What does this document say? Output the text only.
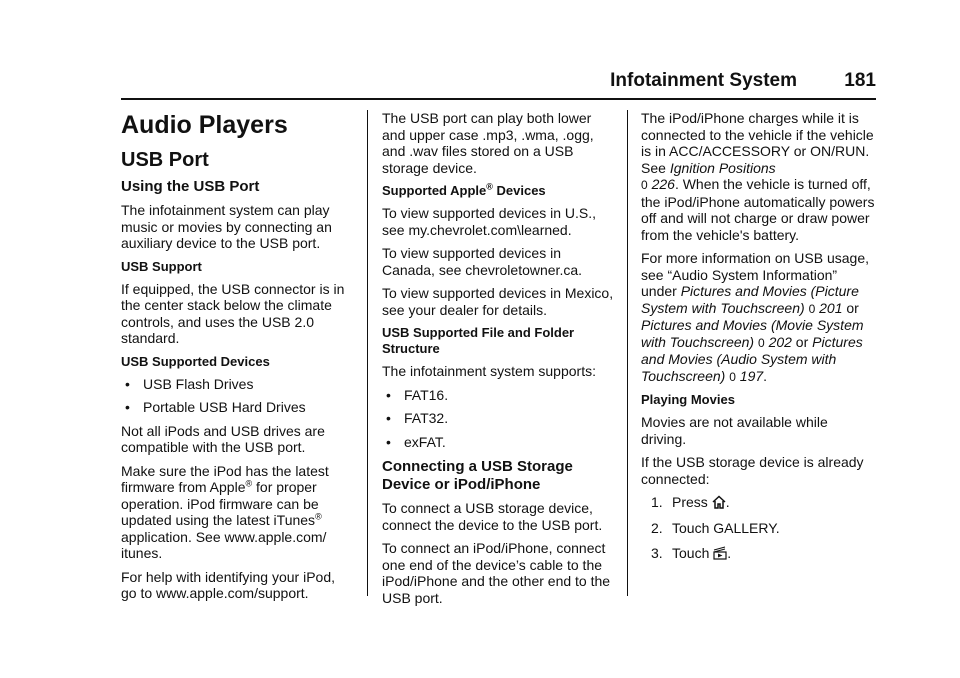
Infotainment System 181
Audio Players
USB Port
Using the USB Port

The infotainment system can play music or movies by connecting an auxiliary device to the USB port.

USB Support

If equipped, the USB connector is in the center stack below the climate controls, and uses the USB 2.0 standard.

USB Supported Devices
• USB Flash Drives
• Portable USB Hard Drives

Not all iPods and USB drives are compatible with the USB port.

Make sure the iPod has the latest firmware from Apple® for proper operation. iPod firmware can be updated using the latest iTunes® application. See www.apple.com/ itunes.

For help with identifying your iPod, go to www.apple.com/support.

The USB port can play both lower and upper case .mp3, .wma, .ogg, and .wav files stored on a USB storage device.

Supported Apple® Devices

To view supported devices in U.S., see my.chevrolet.com\learned.

To view supported devices in Canada, see chevroletowner.ca.

To view supported devices in Mexico, see your dealer for details.

USB Supported File and Folder Structure

The infotainment system supports:

• FAT16.
• FAT32.
• exFAT.
Connecting a USB Storage Device or iPod/iPhone

To connect a USB storage device, connect the device to the USB port.

To connect an iPod/iPhone, connect one end of the device’s cable to the iPod/iPhone and the other end to the USB port.

The iPod/iPhone charges while it is connected to the vehicle if the vehicle is in ACC/ACCESSORY or ON/RUN. See Ignition Positions
0 226. When the vehicle is turned off, the iPod/iPhone automatically powers off and will not charge or draw power from the vehicle's battery.

For more information on USB usage, see “Audio System Information” under Pictures and Movies (Picture System with Touchscreen) 0 201 or Pictures and Movies (Movie System with Touchscreen) 0 202 or Pictures and Movies (Audio System with Touchscreen) 0 197.

Playing Movies

Movies are not available while driving.

If the USB storage device is already connected:

1. Press .
2. Touch GALLERY.
3. Touch .
